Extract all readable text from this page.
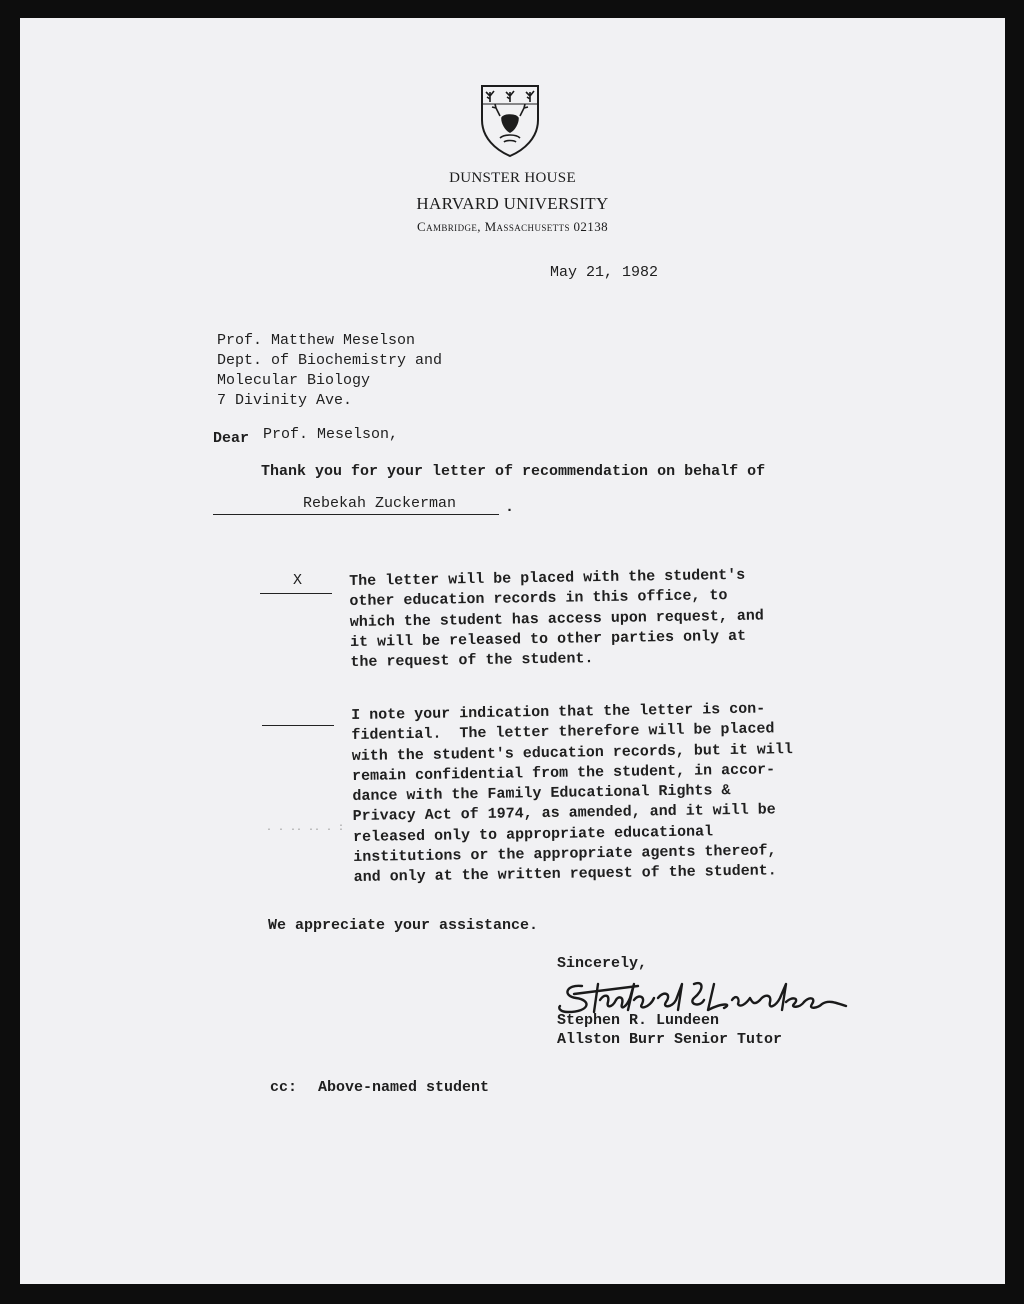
DUNSTER HOUSE
HARVARD UNIVERSITY
Cambridge, Massachusetts 02138
May 21, 1982
Prof. Matthew Meselson
Dept. of Biochemistry and
Molecular Biology
7 Divinity Ave.
Dear Prof. Meselson,
Thank you for your letter of recommendation on behalf of
Rebekah Zuckerman	.
X	The letter will be placed with the student's
other education records in this office, to
which the student has access upon request, and
it will be released to other parties only at
the request of the student.
I note your indication that the letter is con-
fidential.  The letter therefore will be placed
with the student's education records, but it will
remain confidential from the student, in accor-
dance with the Family Educational Rights &
Privacy Act of 1974, as amended, and it will be
released only to appropriate educational
institutions or the appropriate agents thereof,
and only at the written request of the student.
. . .. .. . :
We appreciate your assistance.
Sincerely,
Stephen R. Lundeen
Allston Burr Senior Tutor
cc: Above-named student
